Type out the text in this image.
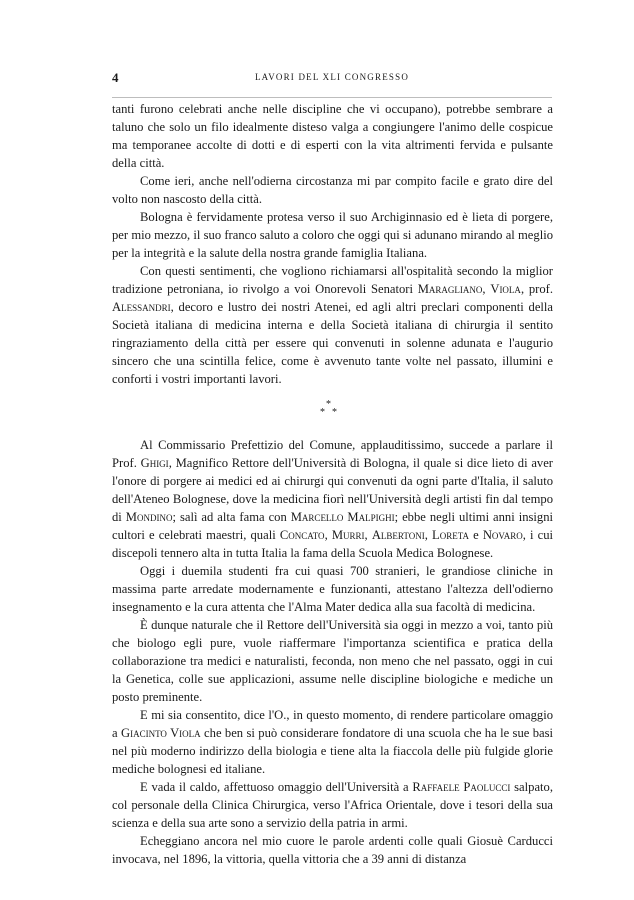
4	LAVORI DEL XLI CONGRESSO

tanti furono celebrati anche nelle discipline che vi occupano), potrebbe sembrare a taluno che solo un filo idealmente disteso valga a congiungere l'animo delle cospicue ma temporanee accolte di dotti e di esperti con la vita altrimenti fervida e pulsante della città.

Come ieri, anche nell'odierna circostanza mi par compito facile e grato dire del volto non nascosto della città.

Bologna è fervidamente protesa verso il suo Archiginnasio ed è lieta di porgere, per mio mezzo, il suo franco saluto a coloro che oggi qui si adunano mirando al meglio per la integrità e la salute della nostra grande famiglia Italiana.

Con questi sentimenti, che vogliono richiamarsi all'ospitalità secondo la miglior tradizione petroniana, io rivolgo a voi Onorevoli Senatori Maragliano, Viola, prof. Alessandri, decoro e lustro dei nostri Atenei, ed agli altri preclari componenti della Società italiana di medicina interna e della Società italiana di chirurgia il sentito ringraziamento della città per essere qui convenuti in solenne adunata e l'augurio sincero che una scintilla felice, come è avvenuto tante volte nel passato, illumini e conforti i vostri importanti lavori.

*
* *

Al Commissario Prefettizio del Comune, applauditissimo, succede a parlare il Prof. Ghigi, Magnifico Rettore dell'Università di Bologna, il quale si dice lieto di aver l'onore di porgere ai medici ed ai chirurgi qui convenuti da ogni parte d'Italia, il saluto dell'Ateneo Bolognese, dove la medicina fiorì nell'Università degli artisti fin dal tempo di Mondino; salì ad alta fama con Marcello Malpighi; ebbe negli ultimi anni insigni cultori e celebrati maestri, quali Concato, Murri, Albertoni, Loreta e Novaro, i cui discepoli tennero alta in tutta Italia la fama della Scuola Medica Bolognese.

Oggi i duemila studenti fra cui quasi 700 stranieri, le grandiose cliniche in massima parte arredate modernamente e funzionanti, attestano l'altezza dell'odierno insegnamento e la cura attenta che l'Alma Mater dedica alla sua facoltà di medicina.

È dunque naturale che il Rettore dell'Università sia oggi in mezzo a voi, tanto più che biologo egli pure, vuole riaffermare l'importanza scientifica e pratica della collaborazione tra medici e naturalisti, feconda, non meno che nel passato, oggi in cui la Genetica, colle sue applicazioni, assume nelle discipline biologiche e mediche un posto preminente.

E mi sia consentito, dice l'O., in questo momento, di rendere particolare omaggio a Giacinto Viola che ben si può considerare fondatore di una scuola che ha le sue basi nel più moderno indirizzo della biologia e tiene alta la fiaccola delle più fulgide glorie mediche bolognesi ed italiane.

E vada il caldo, affettuoso omaggio dell'Università a Raffaele Paolucci salpato, col personale della Clinica Chirurgica, verso l'Africa Orientale, dove i tesori della sua scienza e della sua arte sono a servizio della patria in armi.

Echeggiano ancora nel mio cuore le parole ardenti colle quali Giosuè Carducci invocava, nel 1896, la vittoria, quella vittoria che a 39 anni di distanza
